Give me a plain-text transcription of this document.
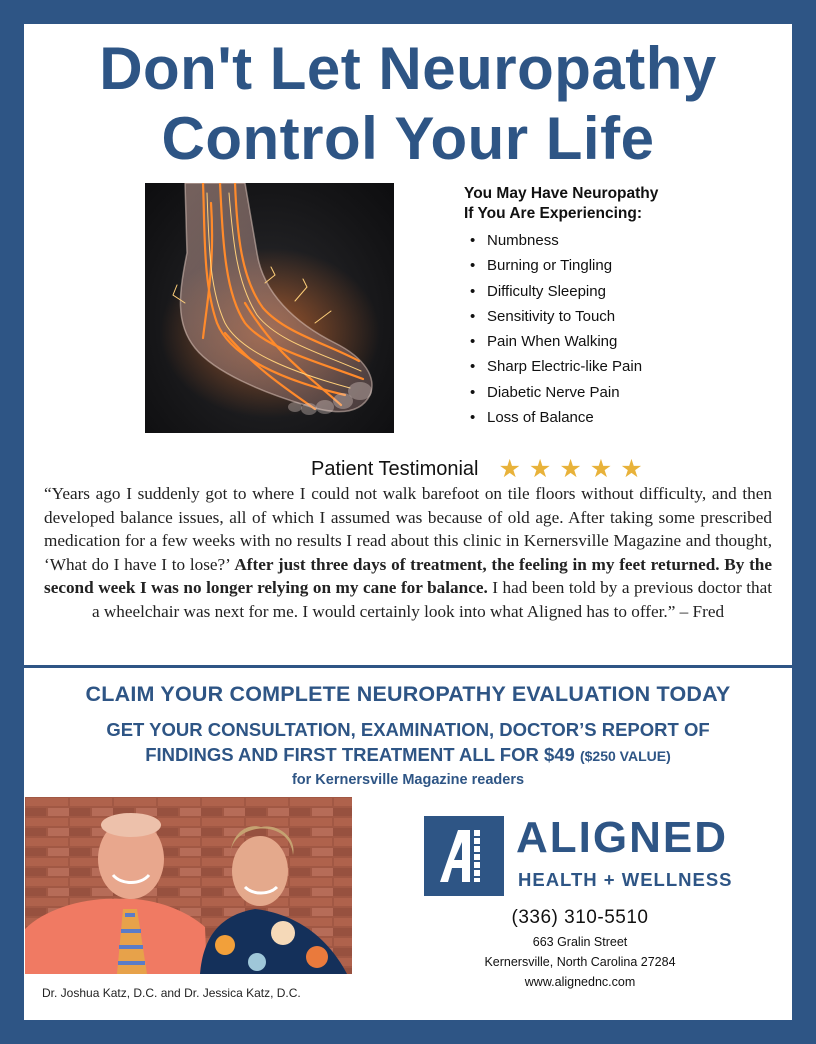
Don't Let Neuropathy
Control Your Life

You May Have Neuropathy
If You Are Experiencing:

• Numbness
• Burning or Tingling
• Difficulty Sleeping
• Sensitivity to Touch
• Pain When Walking
• Sharp Electric-like Pain
• Diabetic Nerve Pain
• Loss of Balance
Patient Testimonial ★ ★ ★ ★ ★

“Years ago I suddenly got to where I could not walk barefoot on tile floors without difficulty, and then developed balance issues, all of which I assumed was because of old age. After taking some prescribed medication for a few weeks with no results I read about this clinic in Kernersville Magazine and thought, ‘What do I have I to lose?’ After just three days of treatment, the feeling in my feet returned. By the second week I was no longer relying on my cane for balance. I had been told by a previous doctor that a wheelchair was next for me. I would certainly look into what Aligned has to offer.” – Fred

CLAIM YOUR COMPLETE NEUROPATHY EVALUATION TODAY

GET YOUR CONSULTATION, EXAMINATION, DOCTOR’S REPORT OF
FINDINGS AND FIRST TREATMENT ALL FOR $49 ($250 VALUE)

for Kernersville Magazine readers
Dr. Joshua Katz, D.C. and Dr. Jessica Katz, D.C.
ALIGNED
HEALTH + WELLNESS
(336) 310-5510
663 Gralin Street
Kernersville, North Carolina 27284
www.alignednc.com
